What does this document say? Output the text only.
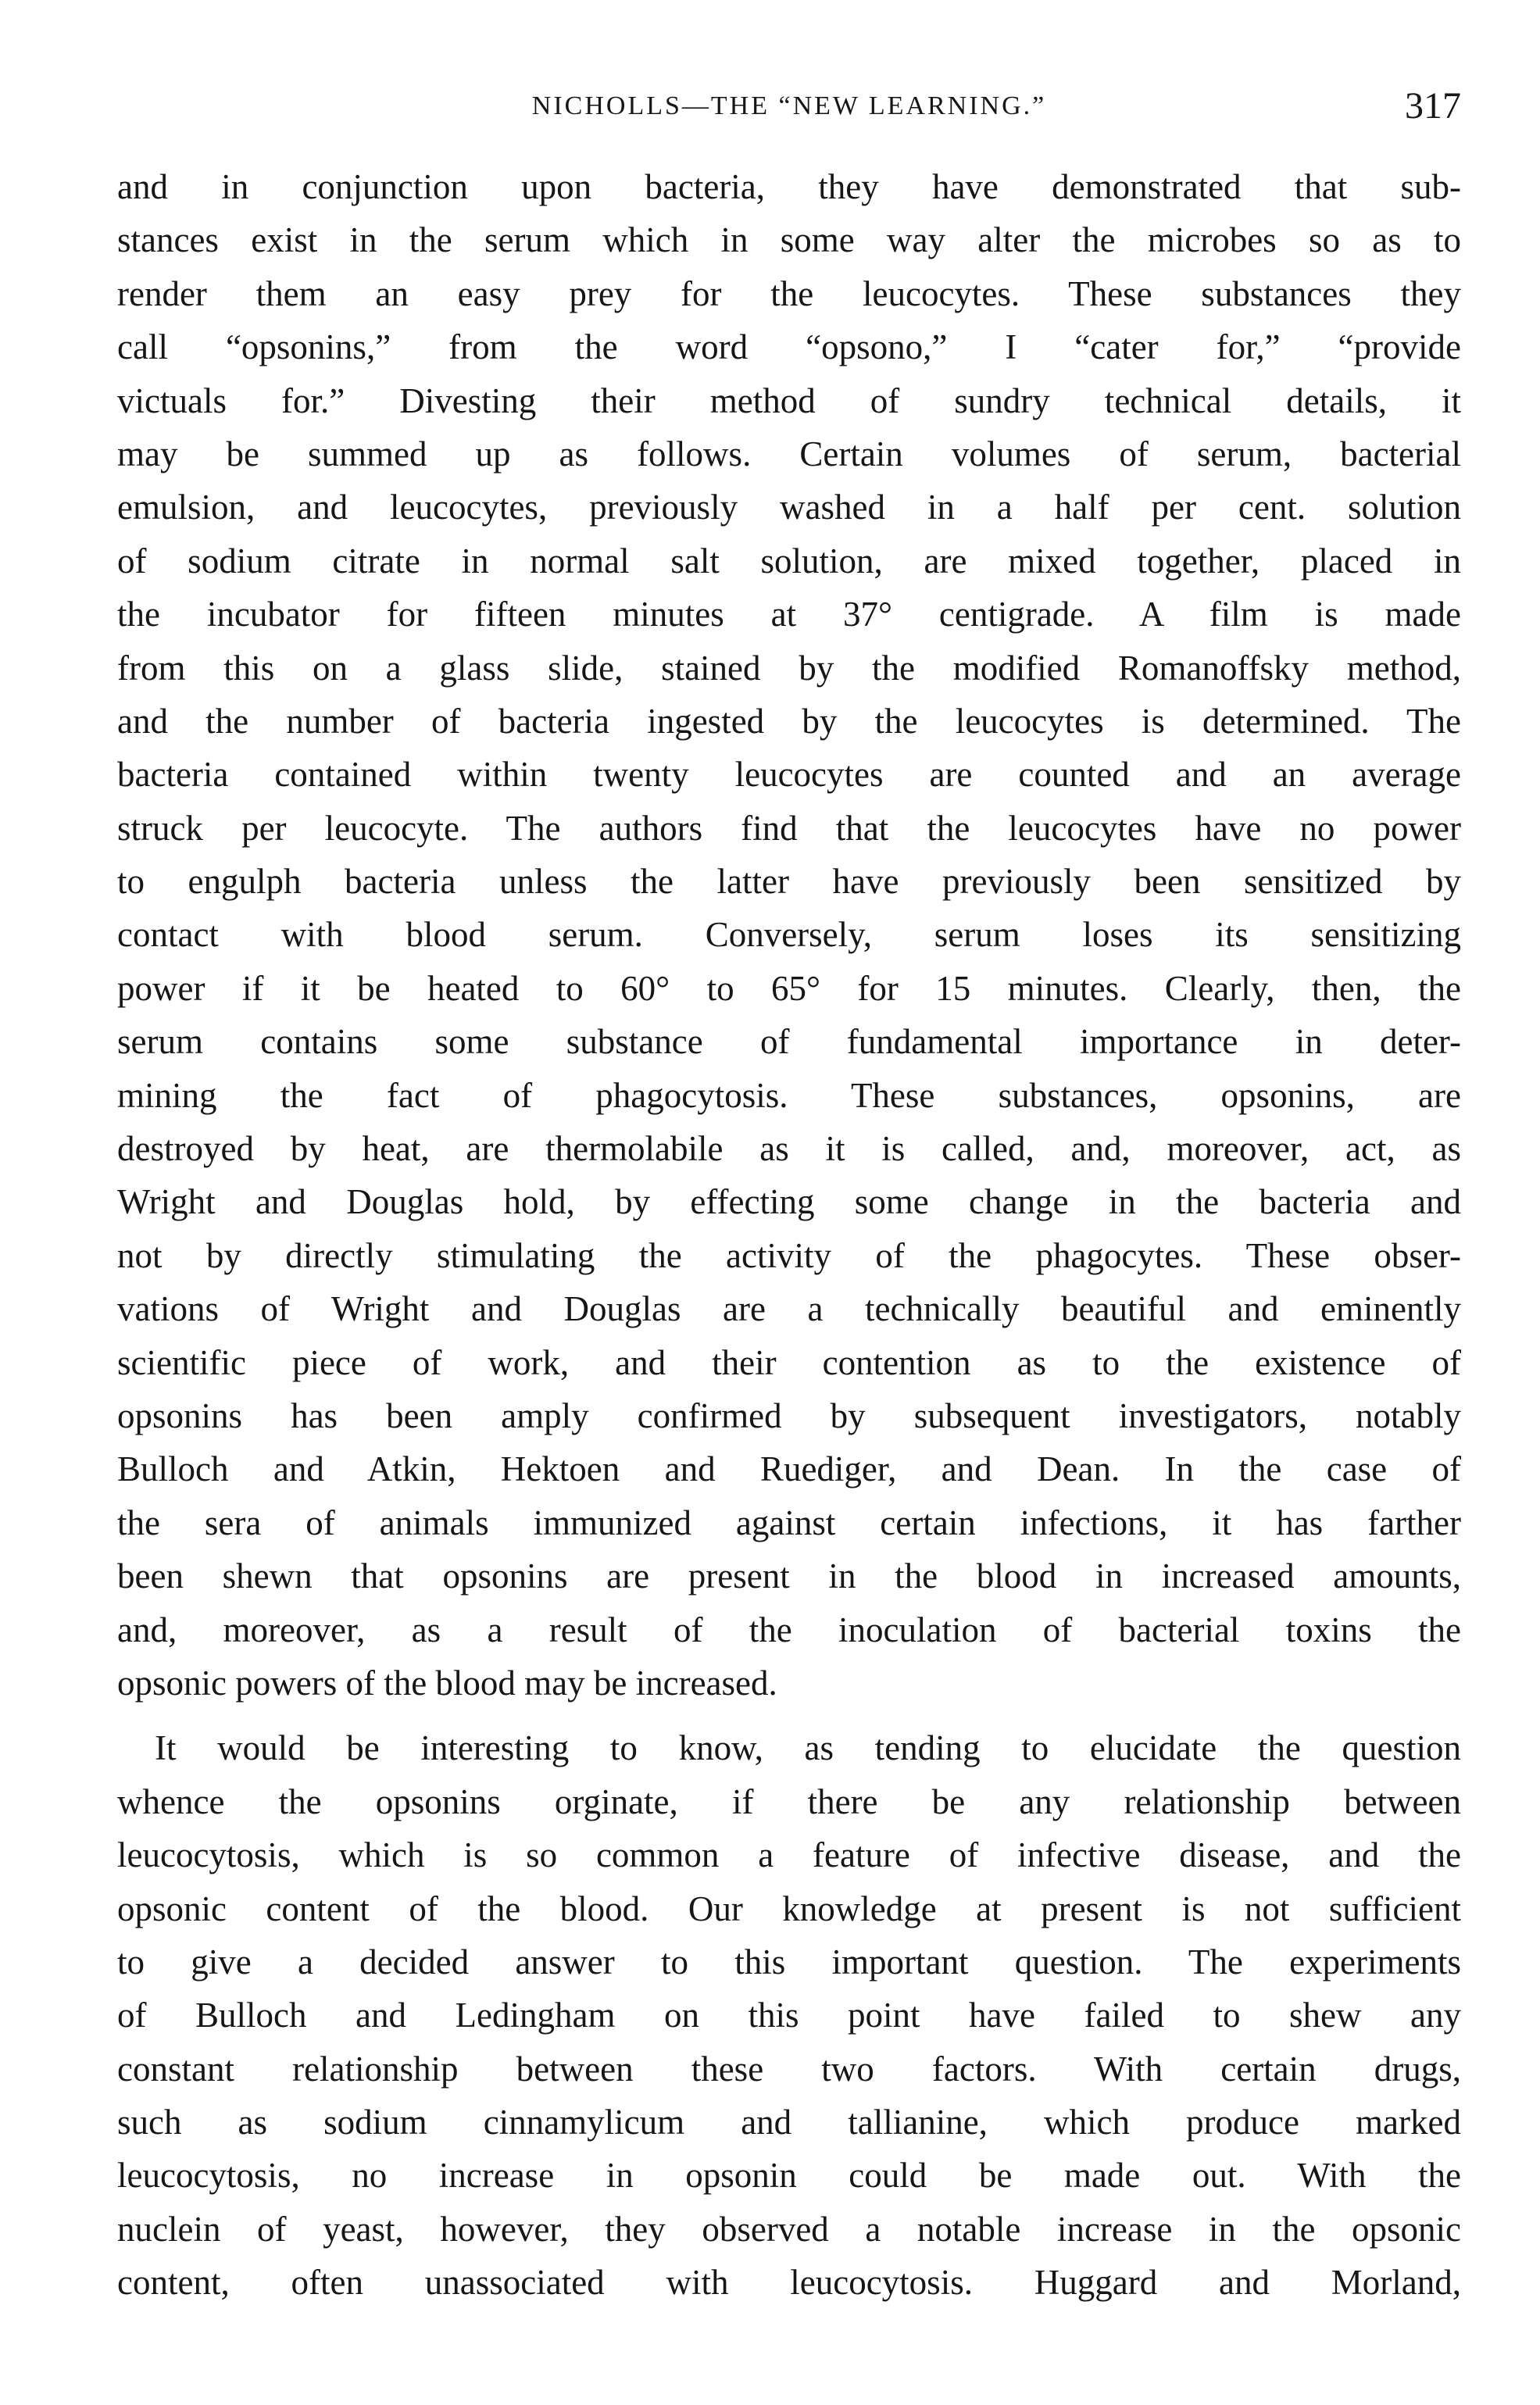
NICHOLLS—THE “NEW LEARNING.”	317
and in conjunction upon bacteria, they have demonstrated that sub-
stances exist in the serum which in some way alter the microbes so as to
render them an easy prey for the leucocytes. These substances they
call “opsonins,” from the word “opsono,” I “cater for,” “provide
victuals for.” Divesting their method of sundry technical details, it
may be summed up as follows. Certain volumes of serum, bacterial
emulsion, and leucocytes, previously washed in a half per cent. solution
of sodium citrate in normal salt solution, are mixed together, placed in
the incubator for fifteen minutes at 37° centigrade. A film is made
from this on a glass slide, stained by the modified Romanoffsky method,
and the number of bacteria ingested by the leucocytes is determined. The
bacteria contained within twenty leucocytes are counted and an average
struck per leucocyte. The authors find that the leucocytes have no power
to engulph bacteria unless the latter have previously been sensitized by
contact with blood serum. Conversely, serum loses its sensitizing
power if it be heated to 60° to 65° for 15 minutes. Clearly, then, the
serum contains some substance of fundamental importance in deter-
mining the fact of phagocytosis. These substances, opsonins, are
destroyed by heat, are thermolabile as it is called, and, moreover, act, as
Wright and Douglas hold, by effecting some change in the bacteria and
not by directly stimulating the activity of the phagocytes. These obser-
vations of Wright and Douglas are a technically beautiful and eminently
scientific piece of work, and their contention as to the existence of
opsonins has been amply confirmed by subsequent investigators, notably
Bulloch and Atkin, Hektoen and Ruediger, and Dean. In the case of
the sera of animals immunized against certain infections, it has farther
been shewn that opsonins are present in the blood in increased amounts,
and, moreover, as a result of the inoculation of bacterial toxins the
opsonic powers of the blood may be increased.
It would be interesting to know, as tending to elucidate the question
whence the opsonins orginate, if there be any relationship between
leucocytosis, which is so common a feature of infective disease, and the
opsonic content of the blood. Our knowledge at present is not sufficient
to give a decided answer to this important question. The experiments
of Bulloch and Ledingham on this point have failed to shew any
constant relationship between these two factors. With certain drugs,
such as sodium cinnamylicum and tallianine, which produce marked
leucocytosis, no increase in opsonin could be made out. With the
nuclein of yeast, however, they observed a notable increase in the opsonic
content, often unassociated with leucocytosis. Huggard and Morland,
